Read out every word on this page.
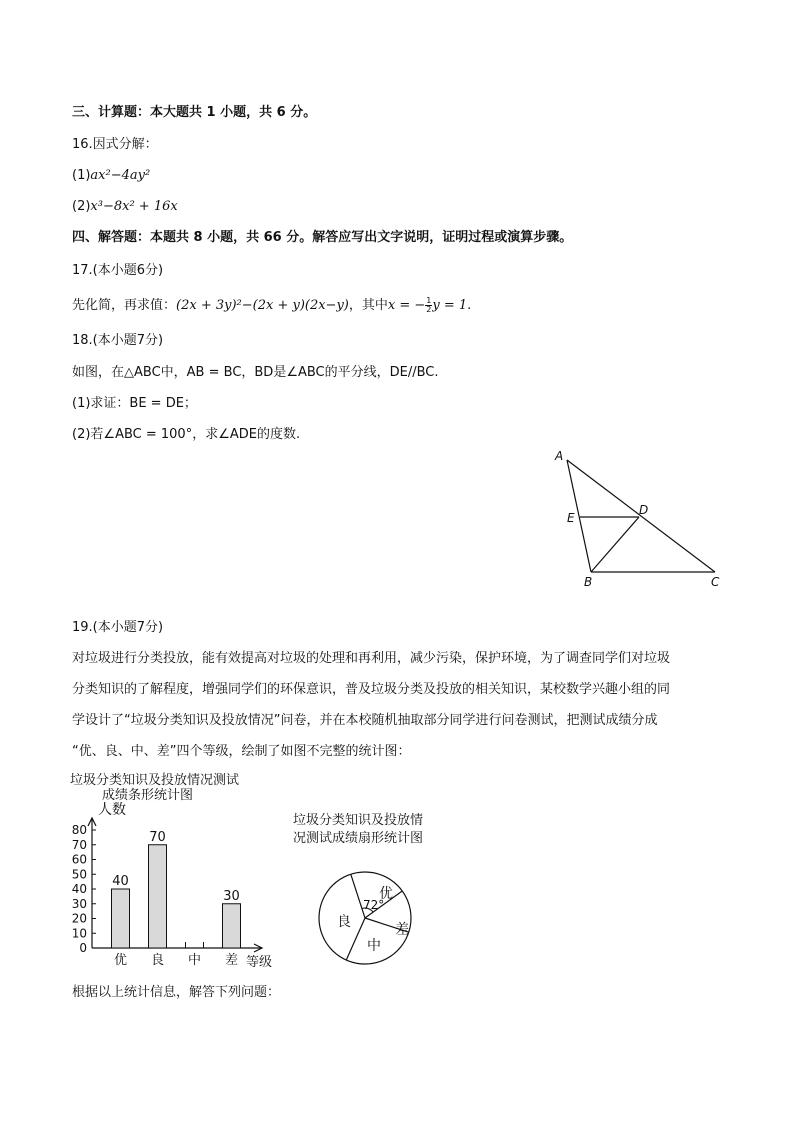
三、计算题：本大题共 1 小题，共 6 分。
16.因式分解：
(1)ax²−4ay²
(2)x³−8x² + 16x
四、解答题：本题共 8 小题，共 66 分。解答应写出文字说明，证明过程或演算步骤。
17.(本小题6分)
先化简，再求值：(2x + 3y)²−(2x + y)(2x−y)，其中x = − $\frac{1}{2}$ y = 1.
18.(本小题7分)
如图，在△ABC中，AB = BC，BD是∠ABC的平分线，DE//BC.
(1)求证：BE = DE；
(2)若∠ABC = 100°，求∠ADE的度数.
A
E
D
B	C
19.(本小题7分)
对垃圾进行分类投放，能有效提高对垃圾的处理和再利用，减少污染，保护环境，为了调查同学们对垃圾
分类知识的了解程度，增强同学们的环保意识，普及垃圾分类及投放的相关知识，某校数学兴趣小组的同
学设计了“垃圾分类知识及投放情况”问卷，并在本校随机抽取部分同学进行问卷测试，把测试成绩分成
“优、良、中、差”四个等级，绘制了如图不完整的统计图：
垃圾分类知识及投放情况测试
成绩条形统计图
人数
等级
0
10
20
30
40
50
60
70
80
40
优
70
良 中
30
差
垃圾分类知识及投放情
况测试成绩扇形统计图
72°
优
良
中
差
根据以上统计信息，解答下列问题：
